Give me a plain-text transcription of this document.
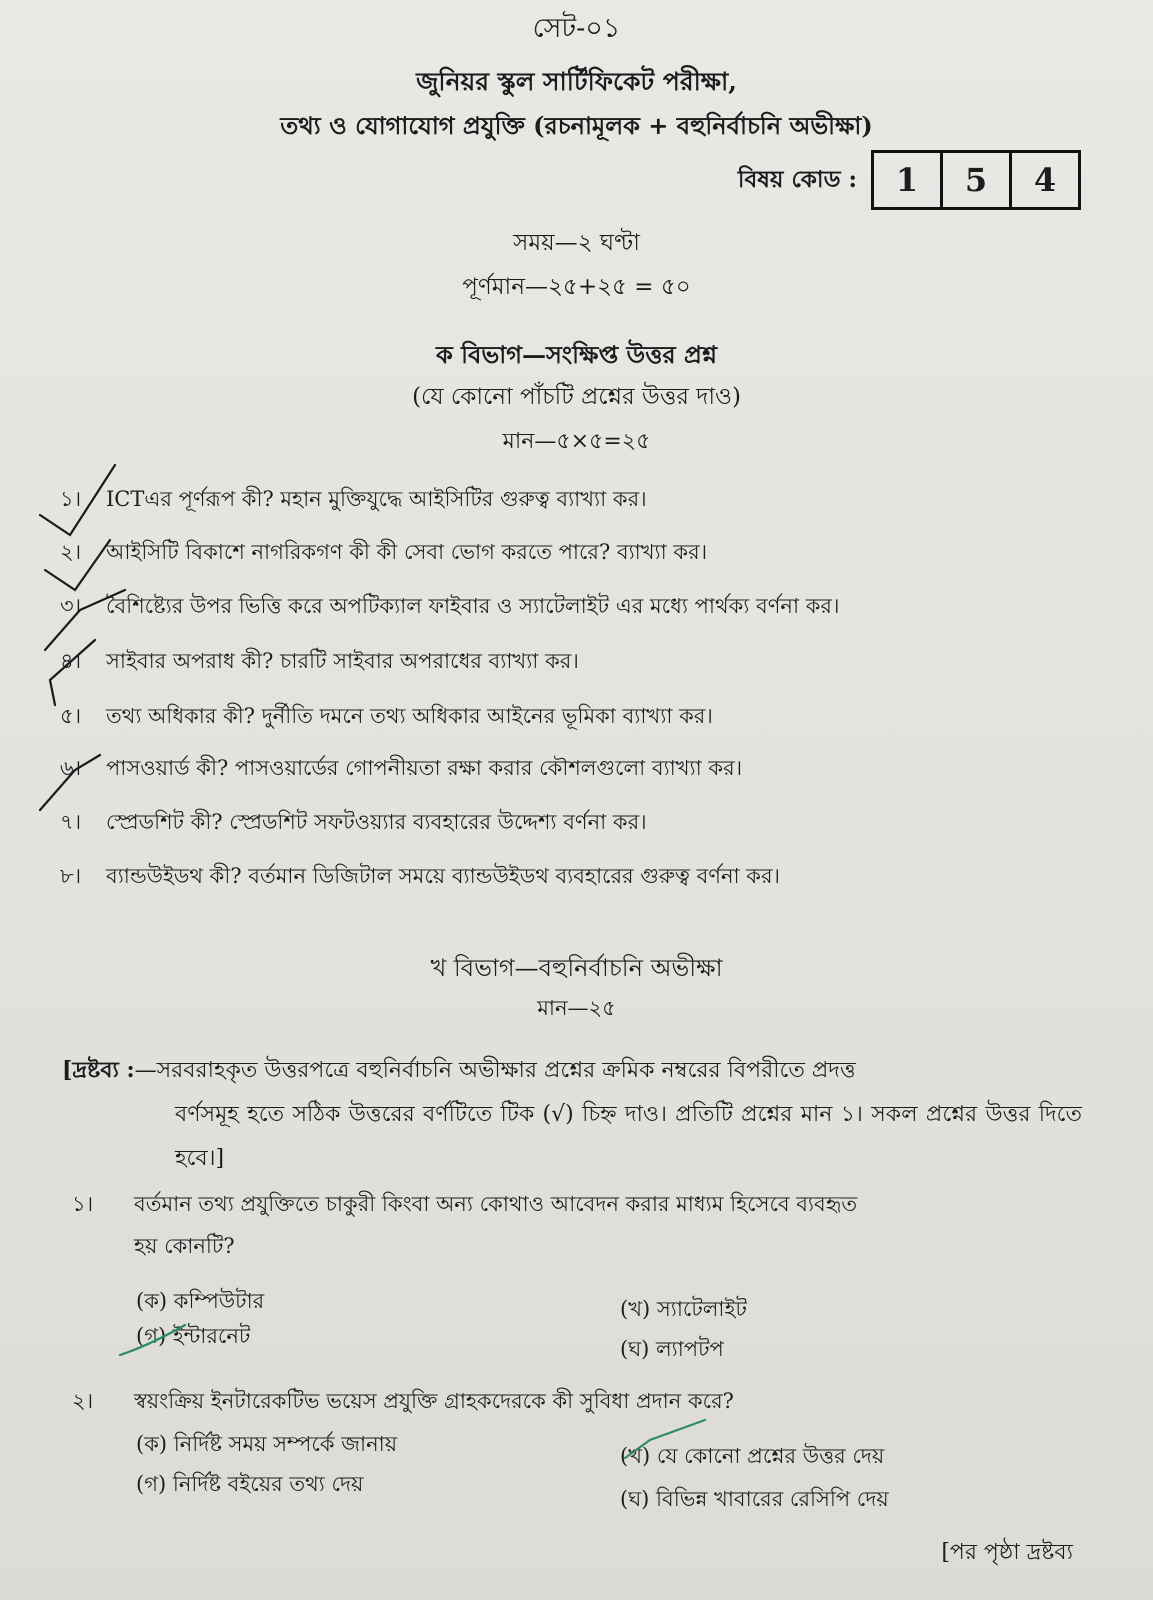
সেট-০১
জুনিয়র স্কুল সার্টিফিকেট পরীক্ষা,
তথ্য ও যোগাযোগ প্রযুক্তি (রচনামূলক + বহুনির্বাচনি অভীক্ষা)
বিষয় কোড :	1	5	4
সময়—২ ঘণ্টা
পূর্ণমান—২৫+২৫ = ৫০
ক বিভাগ—সংক্ষিপ্ত উত্তর প্রশ্ন
(যে কোনো পাঁচটি প্রশ্নের উত্তর দাও)
মান—৫×৫=২৫
১। ICTএর পূর্ণরূপ কী? মহান মুক্তিযুদ্ধে আইসিটির গুরুত্ব ব্যাখ্যা কর।
২। আইসিটি বিকাশে নাগরিকগণ কী কী সেবা ভোগ করতে পারে? ব্যাখ্যা কর।
৩। বৈশিষ্ট্যের উপর ভিত্তি করে অপটিক্যাল ফাইবার ও স্যাটেলাইট এর মধ্যে পার্থক্য বর্ণনা কর।
৪। সাইবার অপরাধ কী? চারটি সাইবার অপরাধের ব্যাখ্যা কর।
৫। তথ্য অধিকার কী? দুর্নীতি দমনে তথ্য অধিকার আইনের ভূমিকা ব্যাখ্যা কর।
৬। পাসওয়ার্ড কী? পাসওয়ার্ডের গোপনীয়তা রক্ষা করার কৌশলগুলো ব্যাখ্যা কর।
৭। স্প্রেডশিট কী? স্প্রেডশিট সফটওয়্যার ব্যবহারের উদ্দেশ্য বর্ণনা কর।
৮। ব্যান্ডউইডথ কী? বর্তমান ডিজিটাল সময়ে ব্যান্ডউইডথ ব্যবহারের গুরুত্ব বর্ণনা কর।
খ বিভাগ—বহুনির্বাচনি অভীক্ষা
মান—২৫
[দ্রষ্টব্য :—সরবরাহকৃত উত্তরপত্রে বহুনির্বাচনি অভীক্ষার প্রশ্নের ক্রমিক নম্বরের বিপরীতে প্রদত্ত
বর্ণসমূহ হতে সঠিক উত্তরের বর্ণটিতে টিক (√) চিহ্ন দাও। প্রতিটি প্রশ্নের মান ১। সকল প্রশ্নের উত্তর দিতে হবে।]
১। বর্তমান তথ্য প্রযুক্তিতে চাকুরী কিংবা অন্য কোথাও আবেদন করার মাধ্যম হিসেবে ব্যবহৃত
হয় কোনটি?
(ক) কম্পিউটার
(গ) ইন্টারনেট
(খ) স্যাটেলাইট
(ঘ) ল্যাপটপ
২। স্বয়ংক্রিয় ইনটারেকটিভ ভয়েস প্রযুক্তি গ্রাহকদেরকে কী সুবিধা প্রদান করে?
(ক) নির্দিষ্ট সময় সম্পর্কে জানায়
(গ) নির্দিষ্ট বইয়ের তথ্য দেয়
(খ) যে কোনো প্রশ্নের উত্তর দেয়
(ঘ) বিভিন্ন খাবারের রেসিপি দেয়
[পর পৃষ্ঠা দ্রষ্টব্য
